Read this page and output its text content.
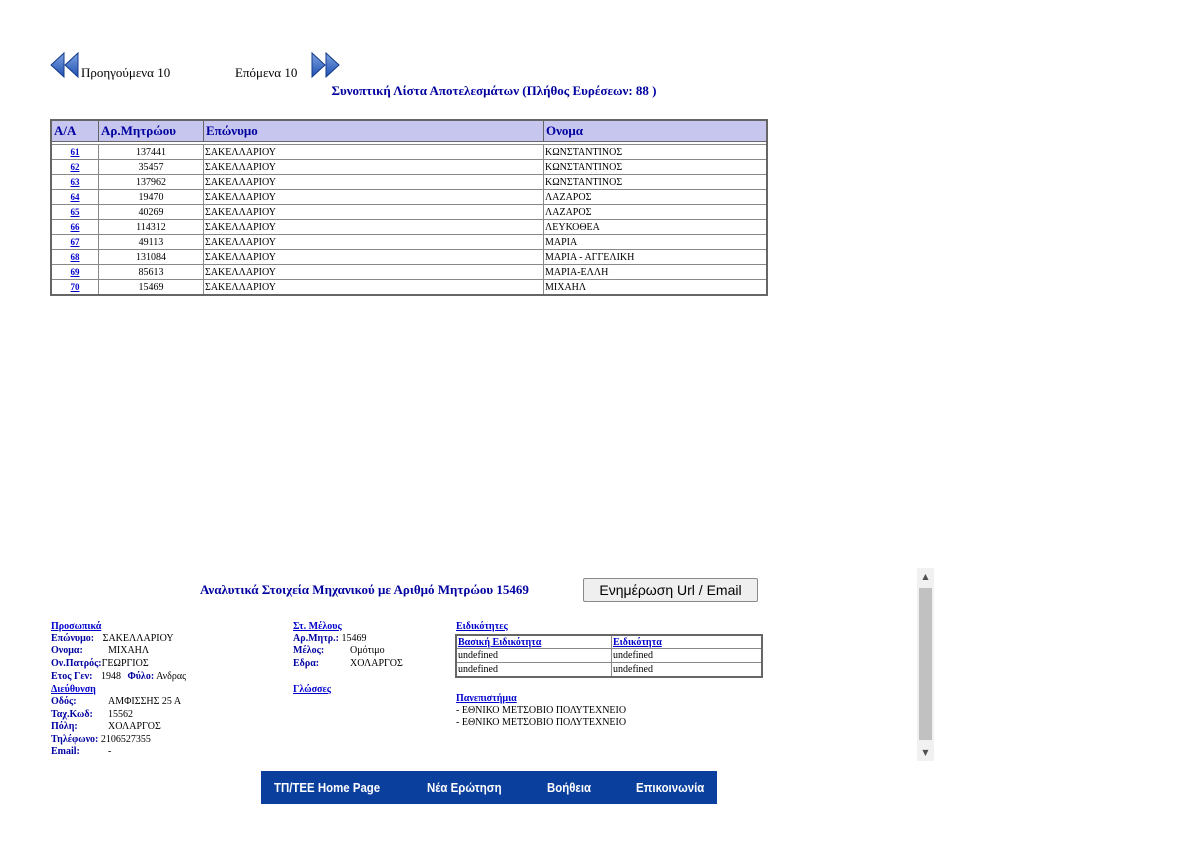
Προηγούμενα 10	Επόμενα 10
Συνοπτική Λίστα Αποτελεσμάτων (Πλήθος Ευρέσεων: 88 )
Α/Α	Αρ.Μητρώου	Επώνυμο	Ονομα

61	137441	ΣΑΚΕΛΛΑΡΙΟΥ	ΚΩΝΣΤΑΝΤΙΝΟΣ
62	35457	ΣΑΚΕΛΛΑΡΙΟΥ	ΚΩΝΣΤΑΝΤΙΝΟΣ
63	137962	ΣΑΚΕΛΛΑΡΙΟΥ	ΚΩΝΣΤΑΝΤΙΝΟΣ
64	19470	ΣΑΚΕΛΛΑΡΙΟΥ	ΛΑΖΑΡΟΣ
65	40269	ΣΑΚΕΛΛΑΡΙΟΥ	ΛΑΖΑΡΟΣ
66	114312	ΣΑΚΕΛΛΑΡΙΟΥ	ΛΕΥΚΟΘΕΑ
67	49113	ΣΑΚΕΛΛΑΡΙΟΥ	ΜΑΡΙΑ
68	131084	ΣΑΚΕΛΛΑΡΙΟΥ	ΜΑΡΙΑ - ΑΓΓΕΛΙΚΗ
69	85613	ΣΑΚΕΛΛΑΡΙΟΥ	ΜΑΡΙΑ-ΕΛΛΗ
70	15469	ΣΑΚΕΛΛΑΡΙΟΥ	ΜΙΧΑΗΛ
Αναλυτικά Στοιχεία Μηχανικού με Αριθμό Μητρώου 15469	Ενημέρωση Url / Email
Προσωπικά
Επώνυμο: ΣΑΚΕΛΛΑΡΙΟΥ
Ονομα:	ΜΙΧΑΗΛ
Ον.Πατρός:ΓΕΩΡΓΙΟΣ
Ετος Γεν: 1948 Φύλο: Ανδρας
Διεύθυνση
Οδός:	ΑΜΦΙΣΣΗΣ 25 Α
Ταχ.Κωδ: 15562
Πόλη:	ΧΟΛΑΡΓΟΣ
Τηλέφωνο: 2106527355
Email:	-
Στ. Μέλους
Αρ.Μητρ.: 15469
Μέλος:	Ομότιμο
Εδρα:	ΧΟΛΑΡΓΟΣ
Γλώσσες
Ειδικότητες
Βασική Ειδικότητα	Ειδικότητα
undefined	undefined
undefined	undefined
Πανεπιστήμια
- ΕΘΝΙΚΟ ΜΕΤΣΟΒΙΟ ΠΟΛΥΤΕΧΝΕΙΟ
- ΕΘΝΙΚΟ ΜΕΤΣΟΒΙΟ ΠΟΛΥΤΕΧΝΕΙΟ
▲
▼
ΤΠ/ΤΕΕ Home Page	Νέα Ερώτηση	Βοήθεια	Επικοινωνία
